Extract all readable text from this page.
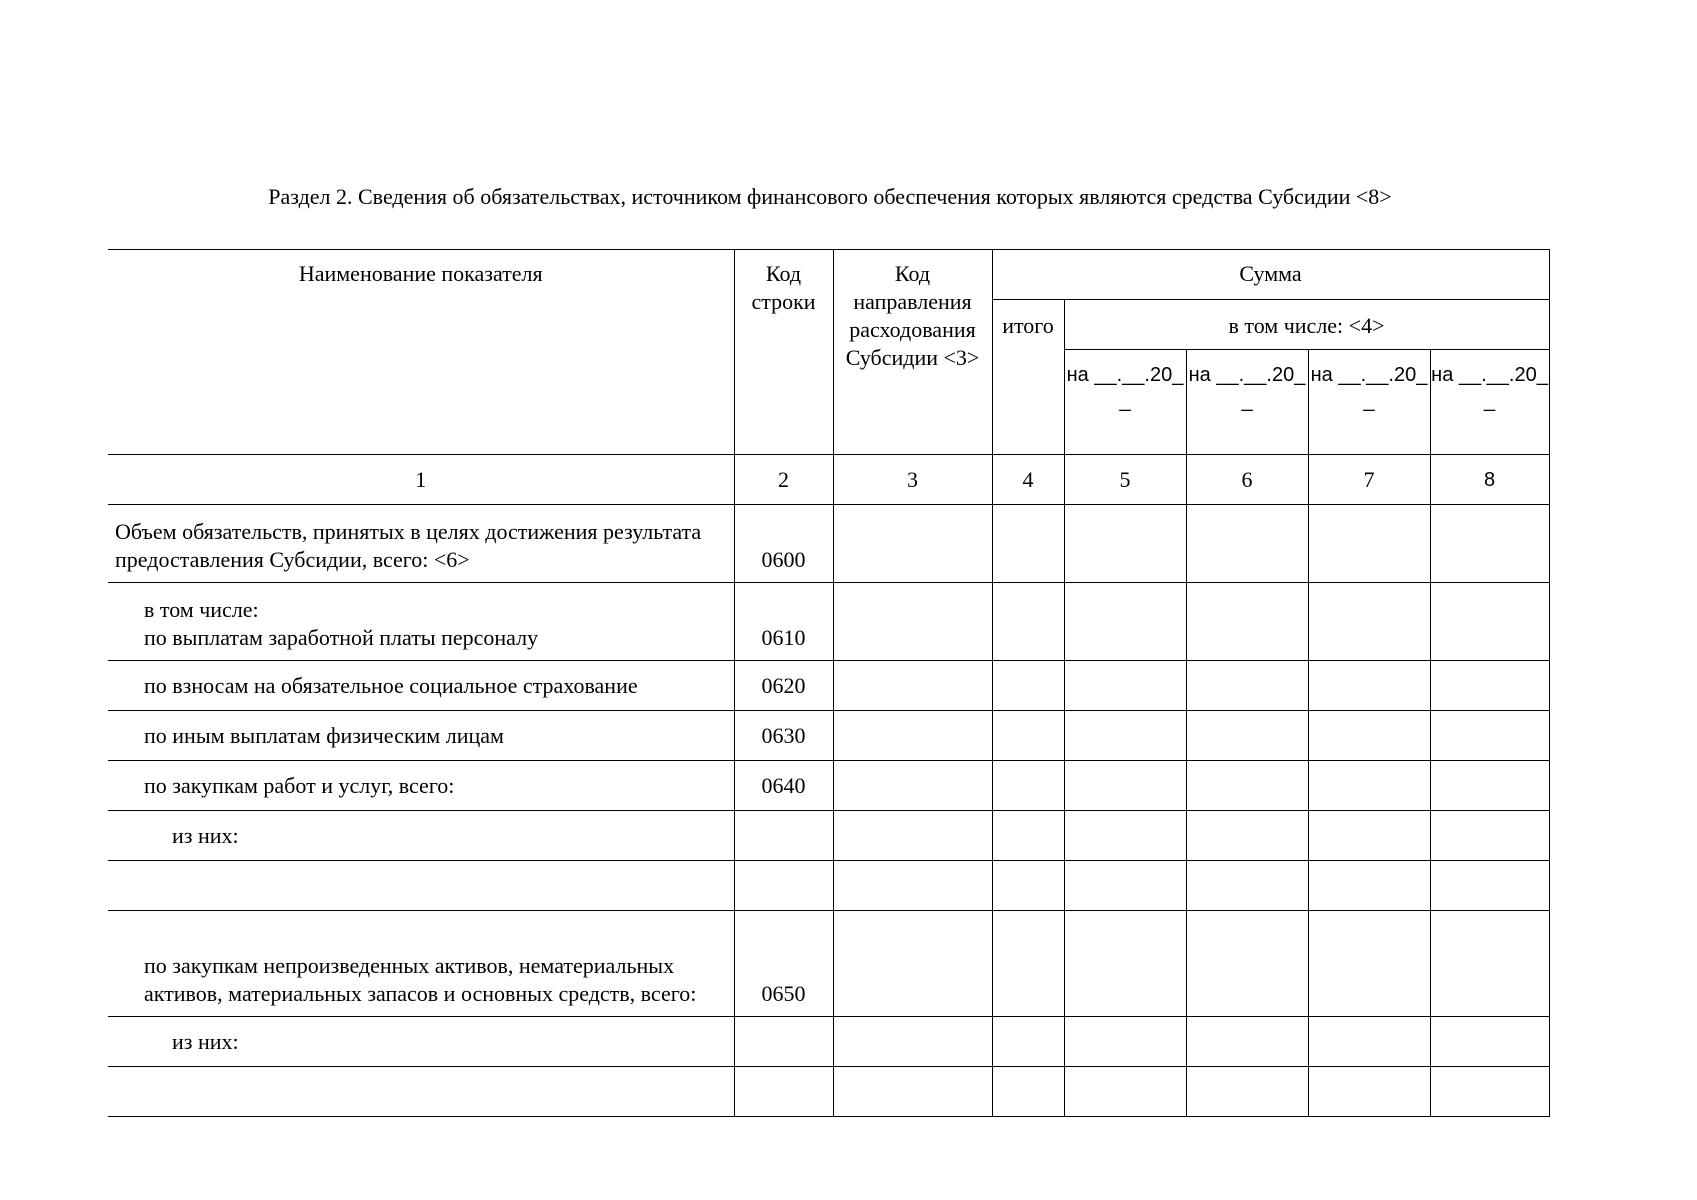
Раздел 2. Сведения об обязательствах, источником финансового обеспечения которых являются средства Субсидии <8>
Наименование показателя	Код строки	Код направления расходования Субсидии <3>	Сумма				
			итого	в том числе: <4>			
				на __.__.20__	на __.__.20__	на __.__.20__	на __.__.20__
1	2	3	4	5	6	7	8
Объем обязательств, принятых в целях достижения результата предоставления Субсидии, всего: <6>	0600						
в том числе:
по выплатам заработной платы персоналу	0610						
по взносам на обязательное социальное страхование	0620						
по иным выплатам физическим лицам	0630						
по закупкам работ и услуг, всего:	0640						
из них:							

по закупкам непроизведенных активов, нематериальных активов, материальных запасов и основных средств, всего:	0650						
из них:							
